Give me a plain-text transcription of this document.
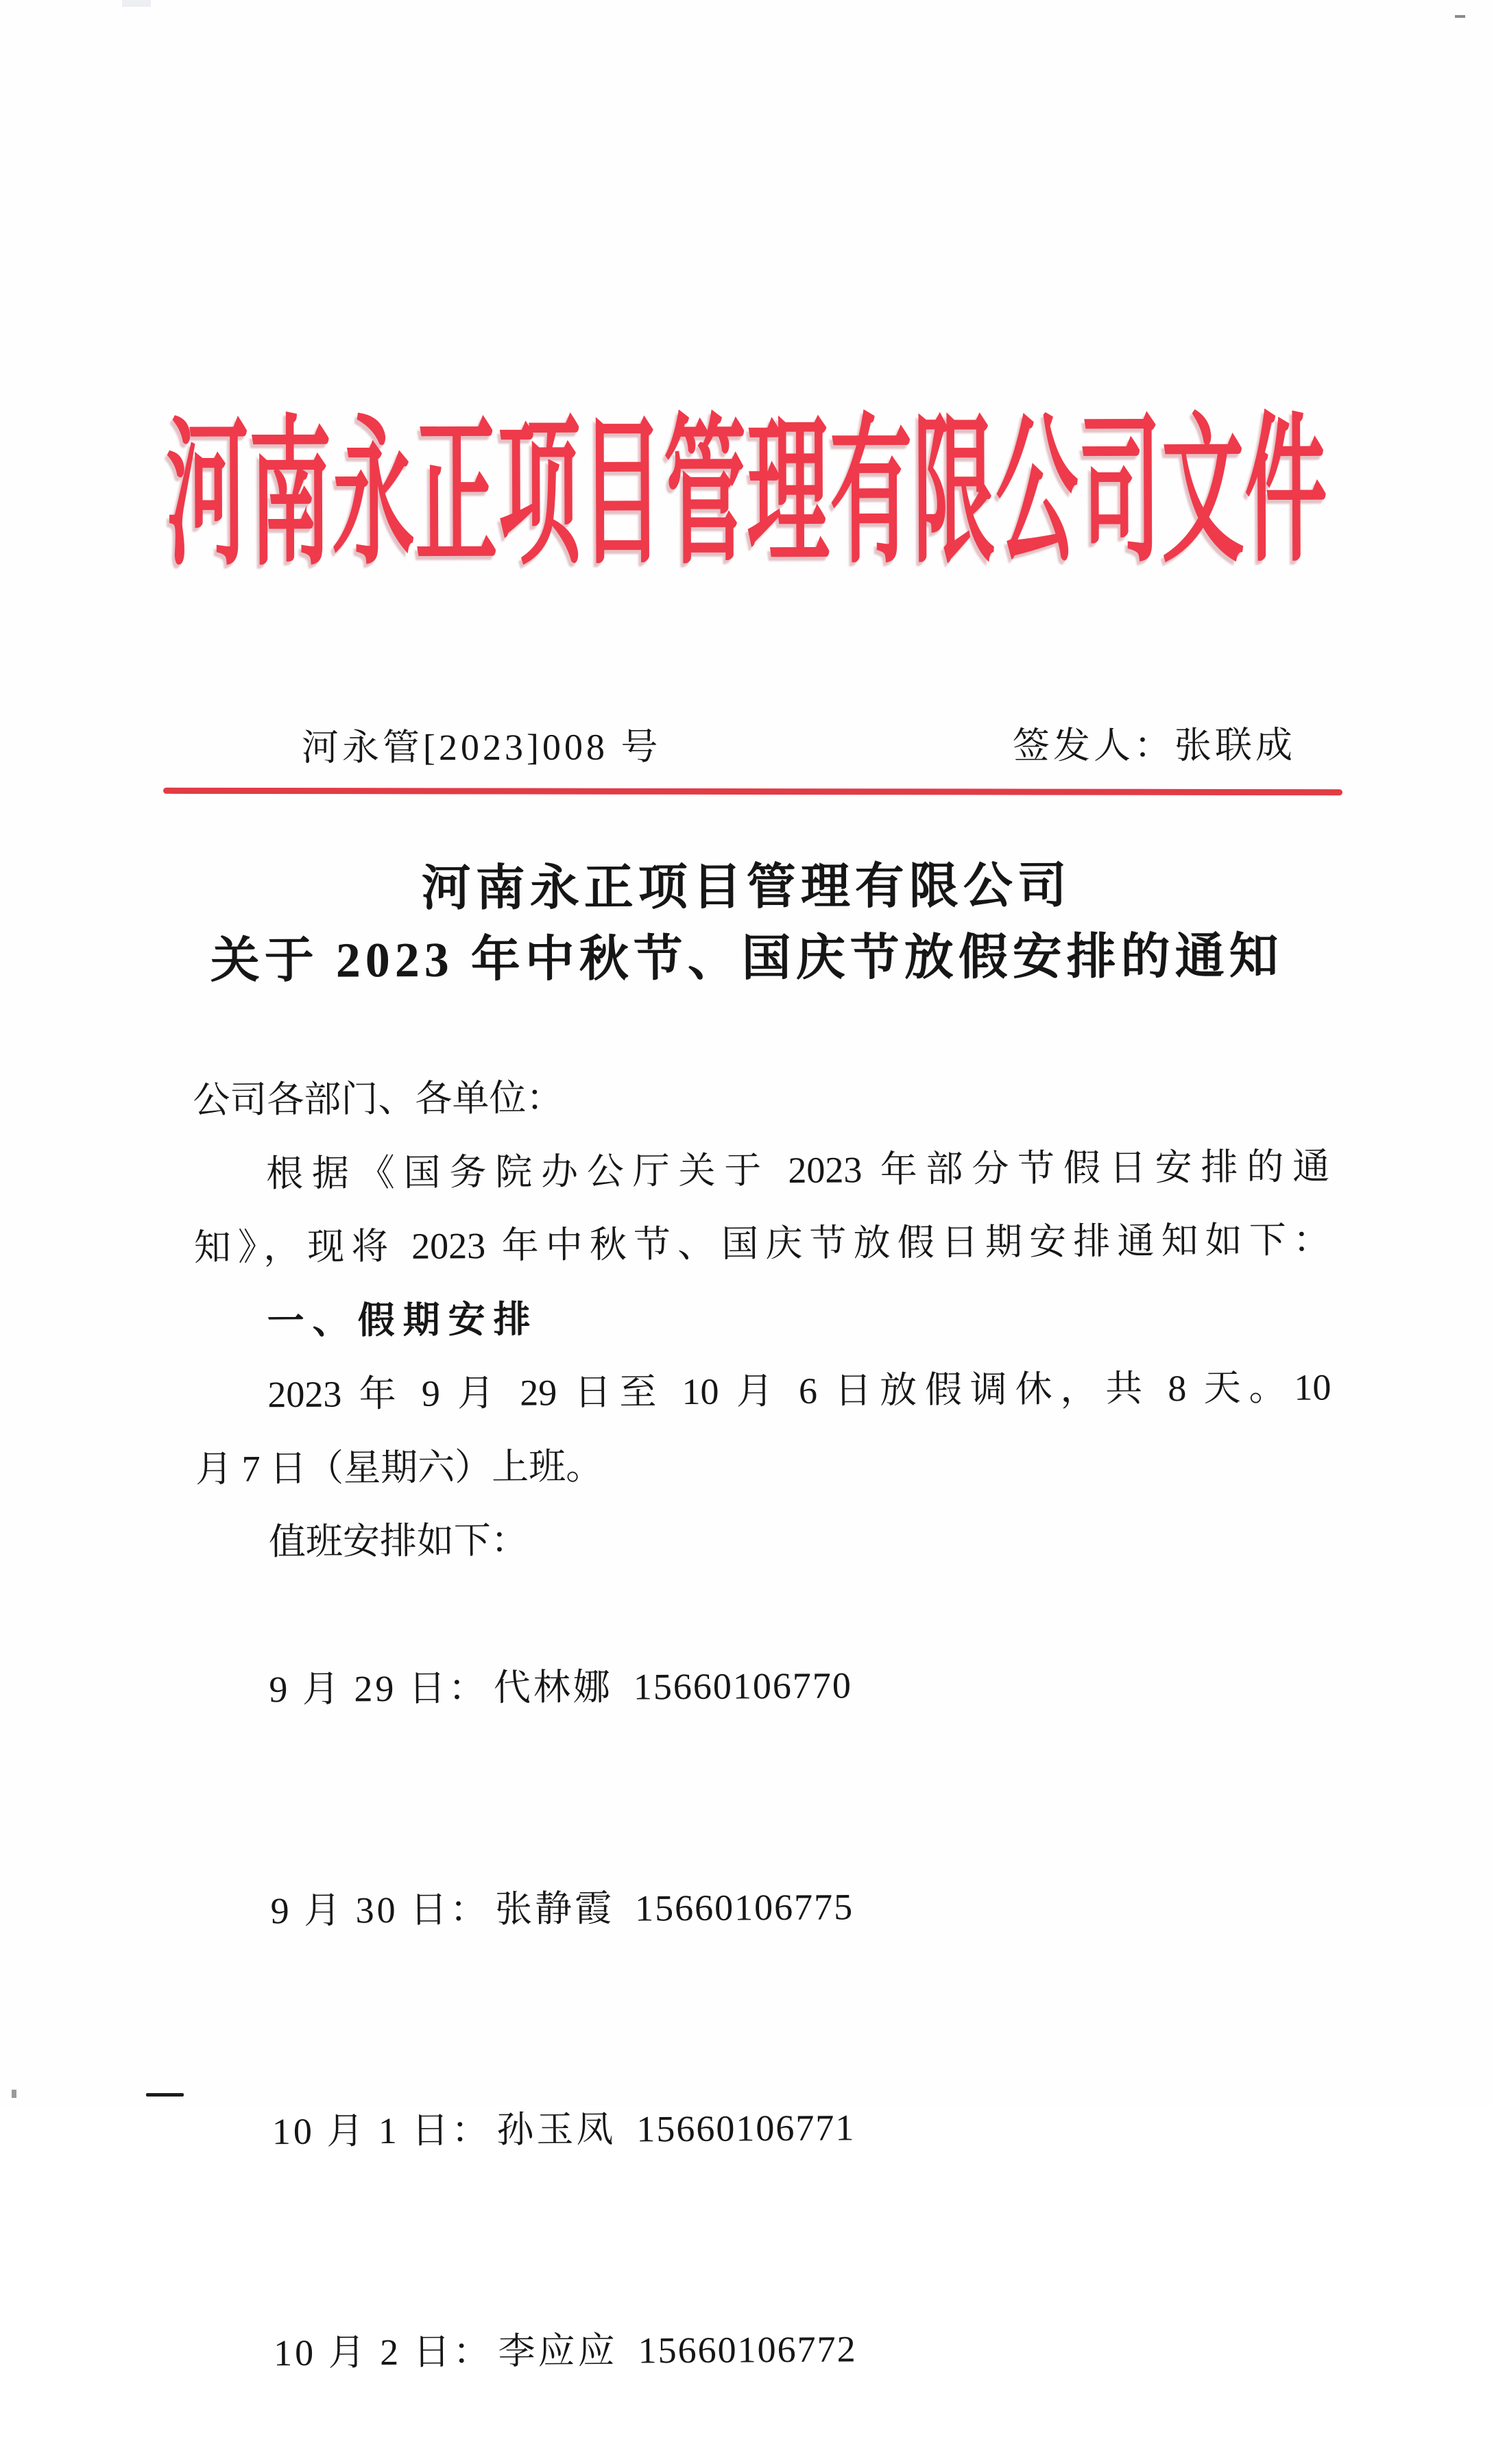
河南永正项目管理有限公司文件
河永管[2023]008 号	签发人：张联成
河南永正项目管理有限公司
关于 2023 年中秋节、国庆节放假安排的通知
公司各部门、各单位：
根据《国务院办公厅关于 2023 年部分节假日安排的通
知》，现将 2023 年中秋节、国庆节放假日期安排通知如下：
一、假期安排
2023 年 9 月 29 日至 10 月 6 日放假调休，共 8 天。10
月 7 日（星期六）上班。
值班安排如下：

9 月 29 日： 代林娜 15660106770

9 月 30 日： 张静霞 15660106775

10 月 1 日： 孙玉凤 15660106771

10 月 2 日： 李应应 15660106772
